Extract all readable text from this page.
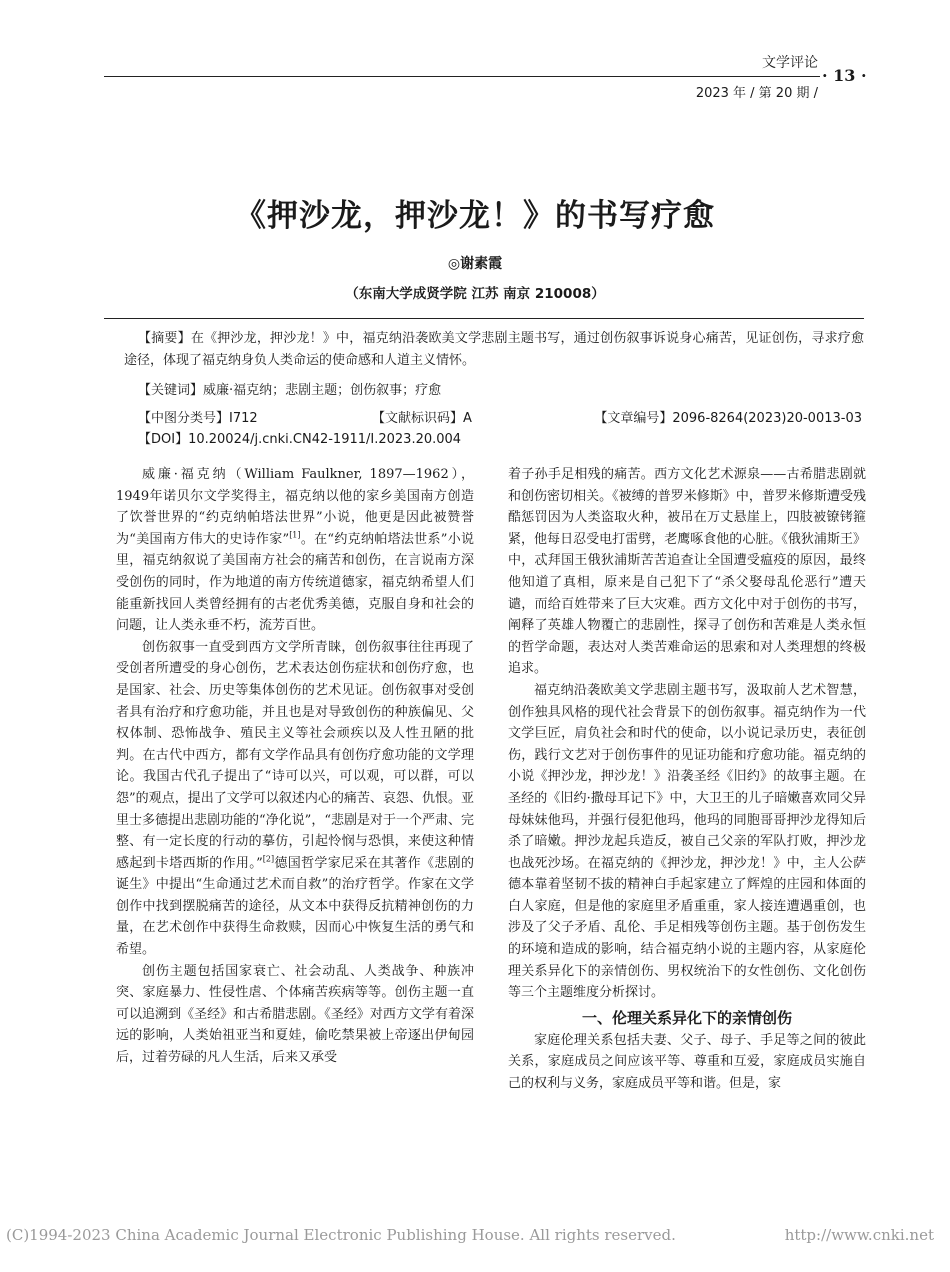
文学评论
· 13 ·
2023 年 / 第 20 期 /
《押沙龙，押沙龙！》的书写疗愈
◎谢素霞
（东南大学成贤学院 江苏 南京 210008）
【摘要】在《押沙龙，押沙龙！》中，福克纳沿袭欧美文学悲剧主题书写，通过创伤叙事诉说身心痛苦，见证创伤，寻求疗愈途径，体现了福克纳身负人类命运的使命感和人道主义情怀。
【关键词】威廉·福克纳；悲剧主题；创伤叙事；疗愈
【中图分类号】I712	【文献标识码】A	【文章编号】2096-8264(2023)20-0013-03
【DOI】10.20024/j.cnki.CN42-1911/I.2023.20.004

威廉·福克纳（William Faulkner, 1897—1962），1949年诺贝尔文学奖得主，福克纳以他的家乡美国南方创造了饮誉世界的“约克纳帕塔法世界”小说，他更是因此被赞誉为“美国南方伟大的史诗作家”[1]。在“约克纳帕塔法世系”小说里，福克纳叙说了美国南方社会的痛苦和创伤，在言说南方深受创伤的同时，作为地道的南方传统道德家，福克纳希望人们能重新找回人类曾经拥有的古老优秀美德，克服自身和社会的问题，让人类永垂不朽，流芳百世。

创伤叙事一直受到西方文学所青睐，创伤叙事往往再现了受创者所遭受的身心创伤，艺术表达创伤症状和创伤疗愈，也是国家、社会、历史等集体创伤的艺术见证。创伤叙事对受创者具有治疗和疗愈功能，并且也是对导致创伤的种族偏见、父权体制、恐怖战争、殖民主义等社会顽疾以及人性丑陋的批判。在古代中西方，都有文学作品具有创伤疗愈功能的文学理论。我国古代孔子提出了“诗可以兴，可以观，可以群，可以怨”的观点，提出了文学可以叙述内心的痛苦、哀怨、仇恨。亚里士多德提出悲剧功能的“净化说”，“悲剧是对于一个严肃、完整、有一定长度的行动的摹仿，引起怜悯与恐惧，来使这种情感起到卡塔西斯的作用。”[2]德国哲学家尼采在其著作《悲剧的诞生》中提出“生命通过艺术而自救”的治疗哲学。作家在文学创作中找到摆脱痛苦的途径，从文本中获得反抗精神创伤的力量，在艺术创作中获得生命救赎，因而心中恢复生活的勇气和希望。

创伤主题包括国家衰亡、社会动乱、人类战争、种族冲突、家庭暴力、性侵性虐、个体痛苦疾病等等。创伤主题一直可以追溯到《圣经》和古希腊悲剧。《圣经》对西方文学有着深远的影响，人类始祖亚当和夏娃，偷吃禁果被上帝逐出伊甸园后，过着劳碌的凡人生活，后来又承受

着子孙手足相残的痛苦。西方文化艺术源泉——古希腊悲剧就和创伤密切相关。《被缚的普罗米修斯》中，普罗米修斯遭受残酷惩罚因为人类盗取火种，被吊在万丈悬崖上，四肢被镣铐箍紧，他每日忍受电打雷劈，老鹰啄食他的心脏。《俄狄浦斯王》中，忒拜国王俄狄浦斯苦苦追查让全国遭受瘟疫的原因，最终他知道了真相，原来是自己犯下了“杀父娶母乱伦恶行”遭天谴，而给百姓带来了巨大灾难。西方文化中对于创伤的书写，阐释了英雄人物覆亡的悲剧性，探寻了创伤和苦难是人类永恒的哲学命题，表达对人类苦难命运的思索和对人类理想的终极追求。

福克纳沿袭欧美文学悲剧主题书写，汲取前人艺术智慧，创作独具风格的现代社会背景下的创伤叙事。福克纳作为一代文学巨匠，肩负社会和时代的使命，以小说记录历史，表征创伤，践行文艺对于创伤事件的见证功能和疗愈功能。福克纳的小说《押沙龙，押沙龙！》沿袭圣经《旧约》的故事主题。在圣经的《旧约·撒母耳记下》中，大卫王的儿子暗嫩喜欢同父异母妹妹他玛，并强行侵犯他玛，他玛的同胞哥哥押沙龙得知后杀了暗嫩。押沙龙起兵造反，被自己父亲的军队打败，押沙龙也战死沙场。在福克纳的《押沙龙，押沙龙！》中，主人公萨德本靠着坚韧不拔的精神白手起家建立了辉煌的庄园和体面的白人家庭，但是他的家庭里矛盾重重，家人接连遭遇重创，也涉及了父子矛盾、乱伦、手足相残等创伤主题。基于创伤发生的环境和造成的影响，结合福克纳小说的主题内容，从家庭伦理关系异化下的亲情创伤、男权统治下的女性创伤、文化创伤等三个主题维度分析探讨。

一、伦理关系异化下的亲情创伤

家庭伦理关系包括夫妻、父子、母子、手足等之间的彼此关系，家庭成员之间应该平等、尊重和互爱，家庭成员实施自己的权利与义务，家庭成员平等和谐。但是，家

(C)1994-2023 China Academic Journal Electronic Publishing House. All rights reserved.	http://www.cnki.net
